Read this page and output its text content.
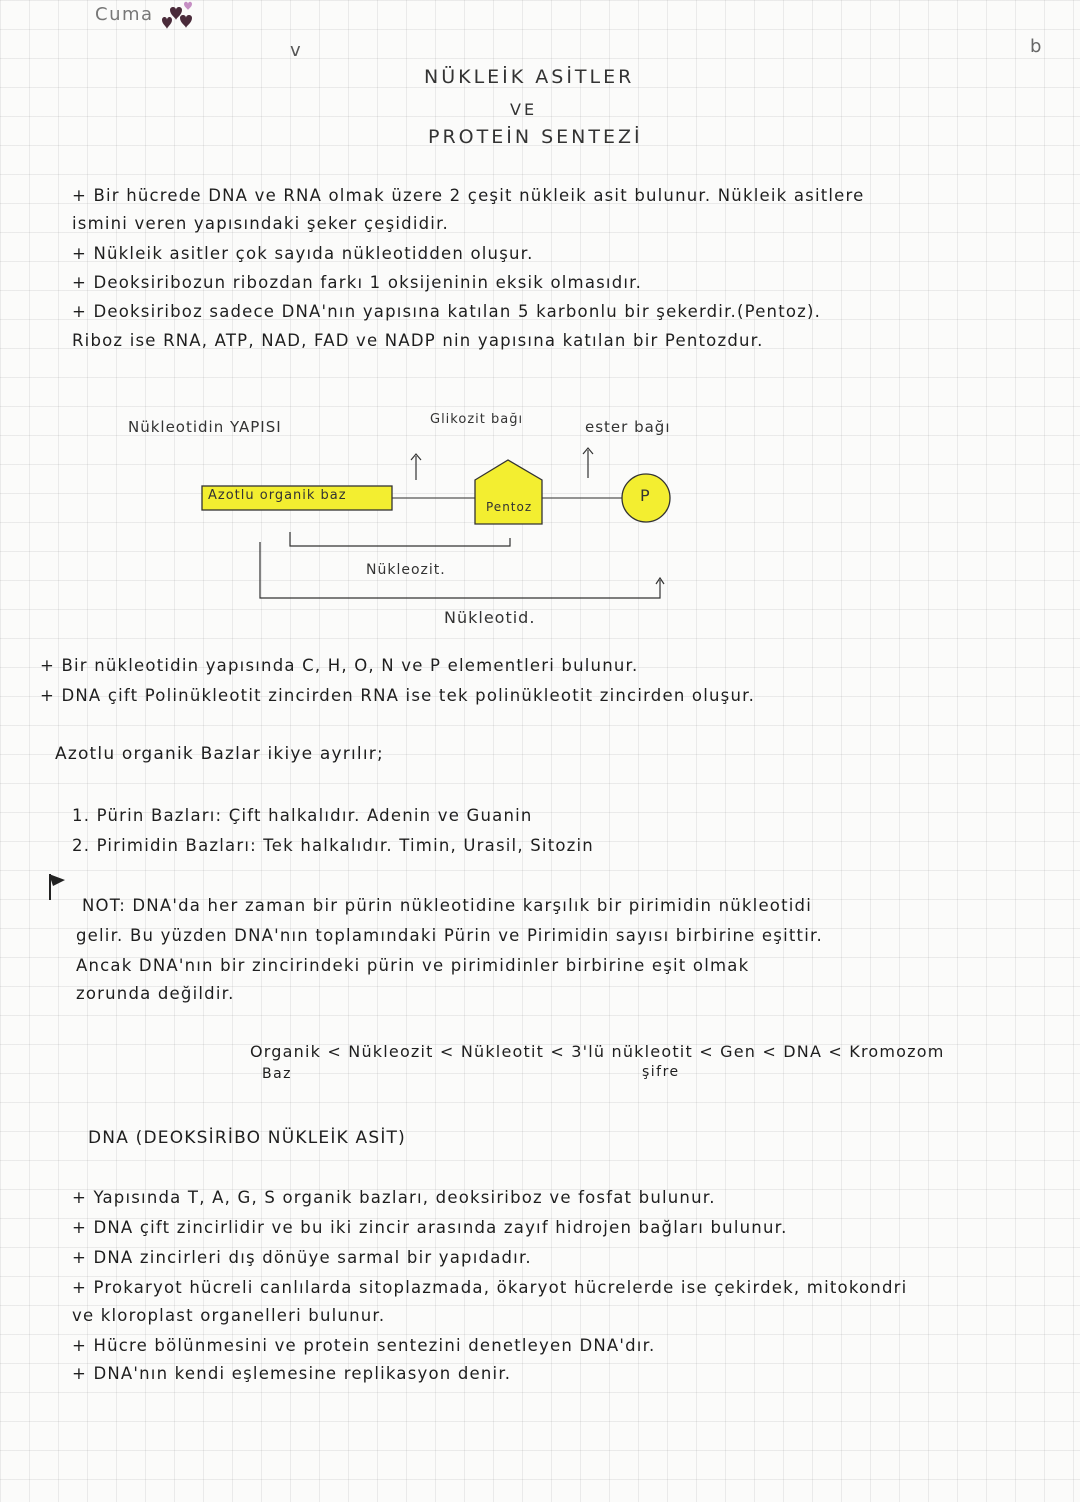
Cuma
v	b
NÜKLEİK ASİTLER
VE
PROTEİN SENTEZİ
+ Bir hücrede DNA ve RNA olmak üzere 2 çeşit nükleik asit bulunur. Nükleik asitlere
ismini veren yapısındaki şeker çeşididir.
+ Nükleik asitler çok sayıda nükleotidden oluşur.
+ Deoksiribozun ribozdan farkı 1 oksijeninin eksik olmasıdır.
+ Deoksiriboz sadece DNA'nın yapısına katılan 5 karbonlu bir şekerdir.(Pentoz).
Riboz ise RNA, ATP, NAD, FAD ve NADP nin yapısına katılan bir Pentozdur.
Nükleotidin YAPISI	Glikozit bağı	ester bağı
Azotlu organik baz
Pentoz
P
Nükleozit.
Nükleotid.
+ Bir nükleotidin yapısında C, H, O, N ve P elementleri bulunur.
+ DNA çift Polinükleotit zincirden RNA ise tek polinükleotit zincirden oluşur.
Azotlu organik Bazlar ikiye ayrılır;
1. Pürin Bazları: Çift halkalıdır. Adenin ve Guanin
2. Pirimidin Bazları: Tek halkalıdır. Timin, Urasil, Sitozin
NOT: DNA'da her zaman bir pürin nükleotidine karşılık bir pirimidin nükleotidi
gelir. Bu yüzden DNA'nın toplamındaki Pürin ve Pirimidin sayısı birbirine eşittir.
Ancak DNA'nın bir zincirindeki pürin ve pirimidinler birbirine eşit olmak
zorunda değildir.
Organik < Nükleozit < Nükleotit < 3'lü nükleotit < Gen < DNA < Kromozom
Baz	şifre
DNA (DEOKSİRİBO NÜKLEİK ASİT)
+ Yapısında T, A, G, S organik bazları, deoksiriboz ve fosfat bulunur.
+ DNA çift zincirlidir ve bu iki zincir arasında zayıf hidrojen bağları bulunur.
+ DNA zincirleri dış dönüye sarmal bir yapıdadır.
+ Prokaryot hücreli canlılarda sitoplazmada, ökaryot hücrelerde ise çekirdek, mitokondri
ve kloroplast organelleri bulunur.
+ Hücre bölünmesini ve protein sentezini denetleyen DNA'dır.
+ DNA'nın kendi eşlemesine replikasyon denir.
